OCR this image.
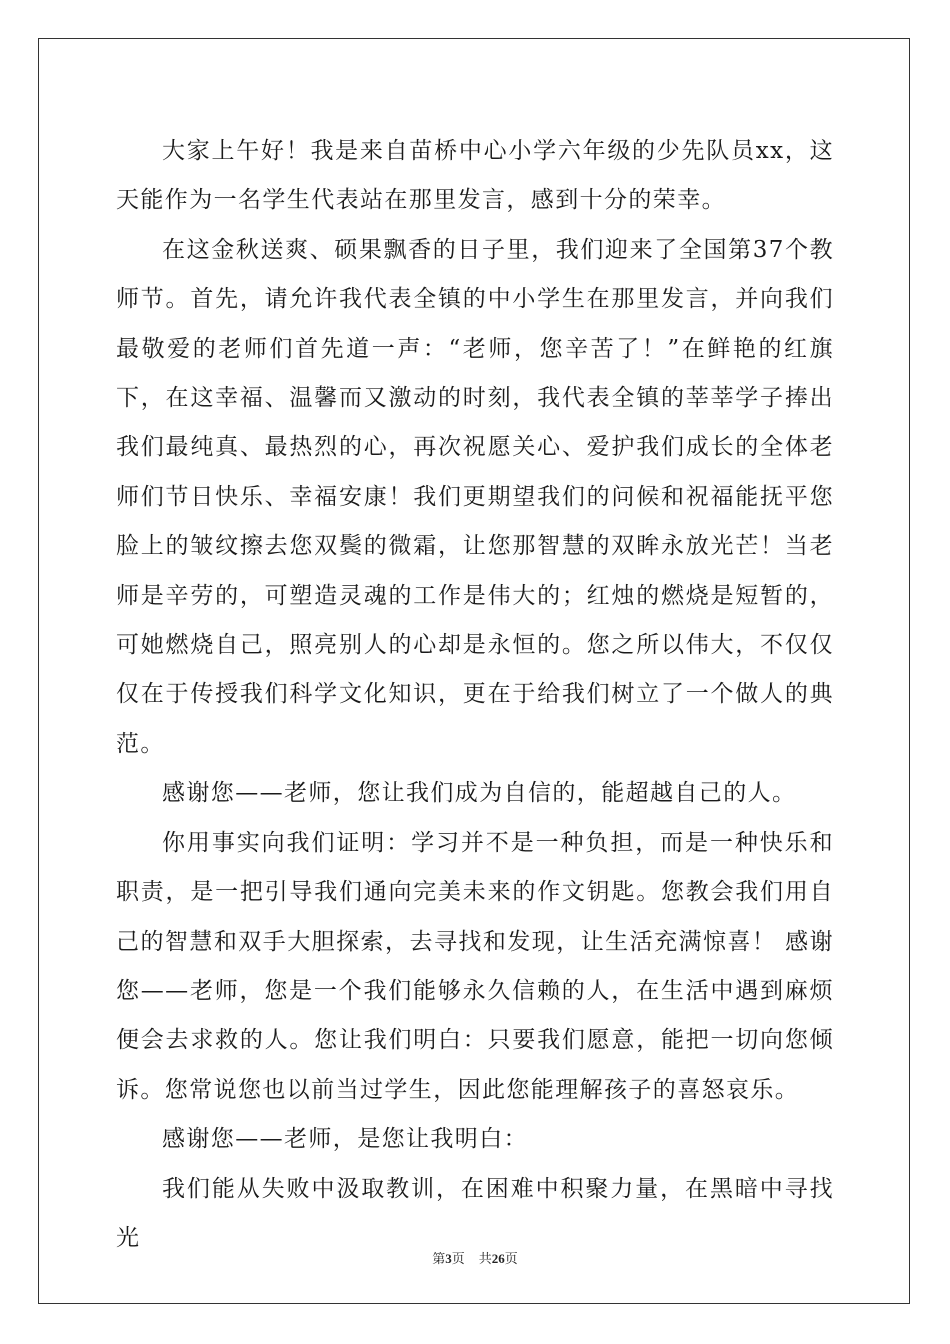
大家上午好！我是来自苗桥中心小学六年级的少先队员xx，这天能作为一名学生代表站在那里发言，感到十分的荣幸。

在这金秋送爽、硕果飘香的日子里，我们迎来了全国第37个教师节。首先，请允许我代表全镇的中小学生在那里发言，并向我们最敬爱的老师们首先道一声：“老师，您辛苦了！”在鲜艳的红旗下，在这幸福、温馨而又激动的时刻，我代表全镇的莘莘学子捧出我们最纯真、最热烈的心，再次祝愿关心、爱护我们成长的全体老师们节日快乐、幸福安康！我们更期望我们的问候和祝福能抚平您脸上的皱纹擦去您双鬓的微霜，让您那智慧的双眸永放光芒！当老师是辛劳的，可塑造灵魂的工作是伟大的；红烛的燃烧是短暂的，可她燃烧自己，照亮别人的心却是永恒的。您之所以伟大，不仅仅仅在于传授我们科学文化知识，更在于给我们树立了一个做人的典范。

感谢您——老师，您让我们成为自信的，能超越自己的人。

你用事实向我们证明：学习并不是一种负担，而是一种快乐和职责，是一把引导我们通向完美未来的作文钥匙。您教会我们用自己的智慧和双手大胆探索，去寻找和发现，让生活充满惊喜！ 感谢您——老师，您是一个我们能够永久信赖的人，在生活中遇到麻烦便会去求救的人。您让我们明白：只要我们愿意，能把一切向您倾诉。您常说您也以前当过学生，因此您能理解孩子的喜怒哀乐。

感谢您——老师，是您让我明白：

我们能从失败中汲取教训，在困难中积聚力量，在黑暗中寻找光

第3页 共26页
